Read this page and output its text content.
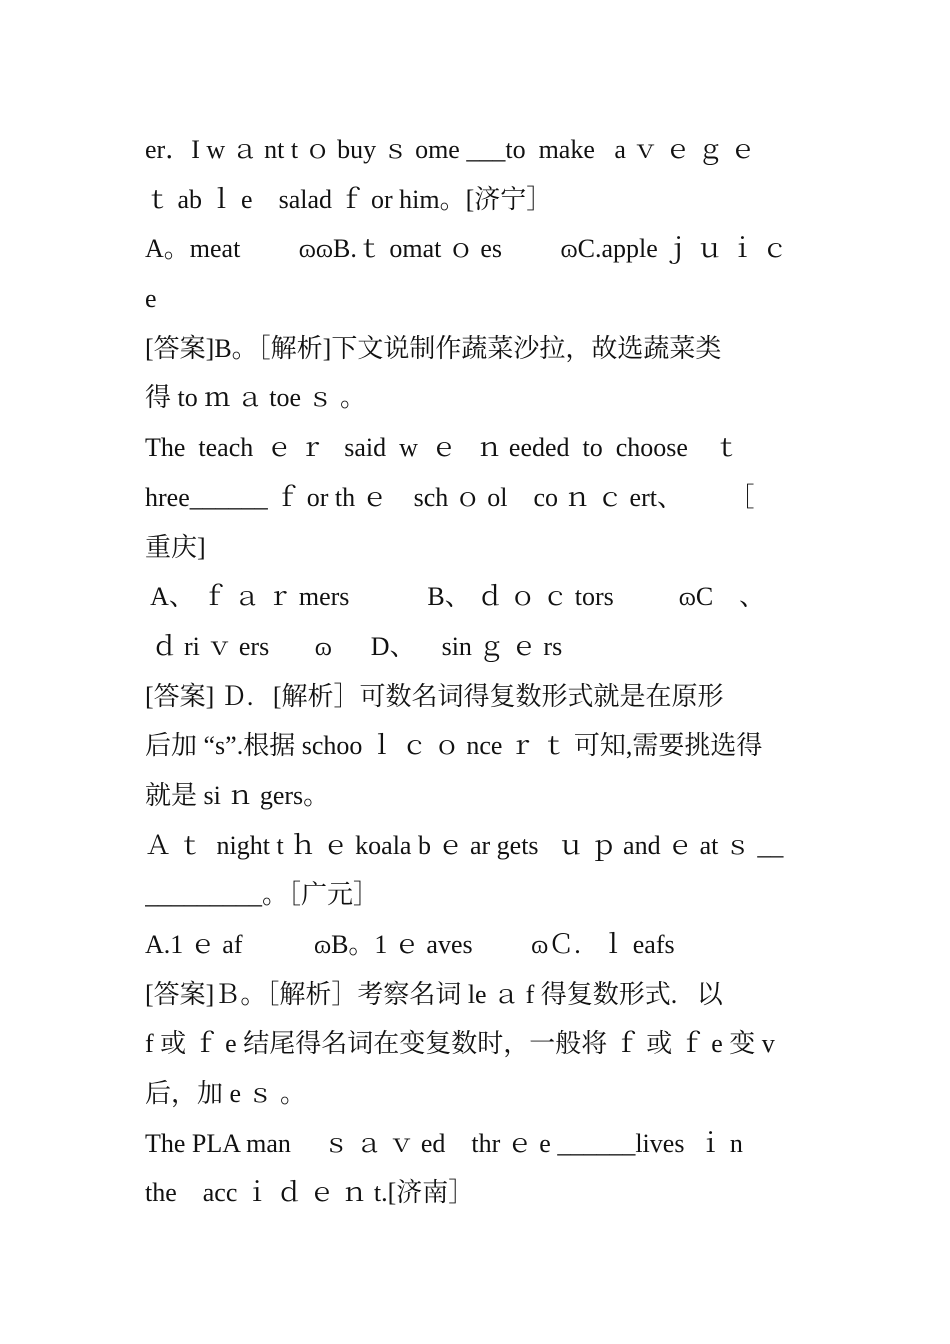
er．I w ａ nt t ｏ buy ｓ ome ___to  make   a ｖ ｅ ｇ ｅ
ｔ ab ｌ e    salad ｆ or him。[济宁］
A。meat         ɷɷB.ｔ omat ｏ es         ɷC.apple ｊ ｕ ｉ ｃ
e
[答案]B。［解析]下文说制作蔬菜沙拉，故选蔬菜类
得 to ｍ ａ toe ｓ 。
The  teach  ｅ ｒ   said  w  ｅ   ｎ eeded  to  choose    ｔ
hree______ ｆ or th ｅ    sch ｏ ol    co ｎ ｃ ert、       ［
重庆]
A、 ｆ ａ ｒ mers            B、 ｄ ｏ ｃ tors          ɷC    、
ｄ ri ｖ ers       ɷ      D、    sin ｇ ｅ rs
[答案] Ｄ.   [解析］可数名词得复数形式就是在原形
后加 “s”.根据 schoo ｌ ｃ ｏ nce ｒ ｔ 可知,需要挑选得
就是 si ｎ gers。
Ａ ｔ  night t ｈ ｅ koala b ｅ ar gets   ｕ ｐ and ｅ at ｓ __
_________。［广元］
A.1 ｅ af           ɷB。1 ｅ aves         ɷＣ.   ｌ eafs
[答案]Ｂ。［解析］考察名词 le ａ f 得复数形式.   以
f 或 ｆ e 结尾得名词在变复数时，一般将 ｆ 或 ｆ e 变 v
后，加 e ｓ 。
The PLA man     ｓ ａ ｖ ed    thr ｅ e ______lives  ｉ n
the    acc ｉ ｄ ｅ ｎ t.[济南］
